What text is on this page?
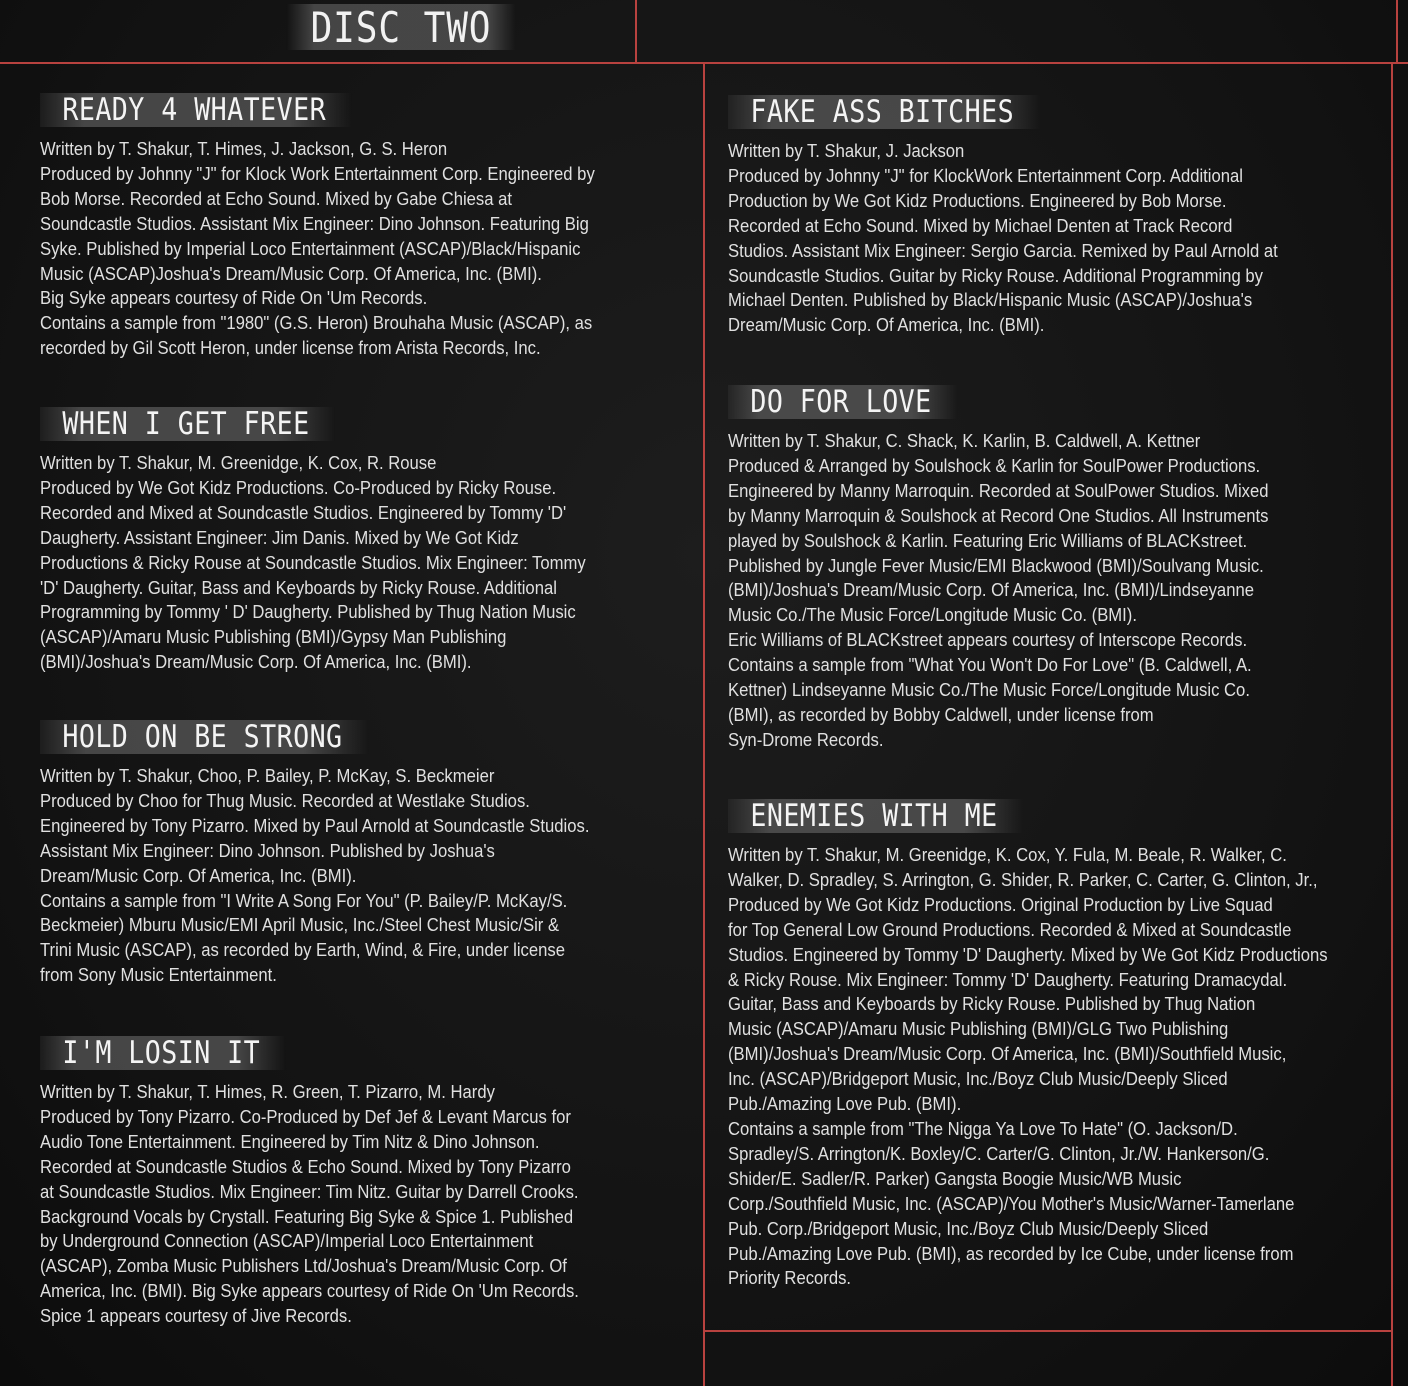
DISC TWO
READY 4 WHATEVER
Written by T. Shakur, T. Himes, J. Jackson, G. S. Heron
Produced by Johnny "J" for Klock Work Entertainment Corp. Engineered by
Bob Morse. Recorded at Echo Sound. Mixed by Gabe Chiesa at
Soundcastle Studios. Assistant Mix Engineer: Dino Johnson. Featuring Big
Syke. Published by Imperial Loco Entertainment (ASCAP)/Black/Hispanic
Music (ASCAP)Joshua's Dream/Music Corp. Of America, Inc. (BMI).
Big Syke appears courtesy of Ride On 'Um Records.
Contains a sample from "1980" (G.S. Heron) Brouhaha Music (ASCAP), as
recorded by Gil Scott Heron, under license from Arista Records, Inc.
WHEN I GET FREE
Written by T. Shakur, M. Greenidge, K. Cox, R. Rouse
Produced by We Got Kidz Productions. Co-Produced by Ricky Rouse.
Recorded and Mixed at Soundcastle Studios. Engineered by Tommy 'D'
Daugherty. Assistant Engineer: Jim Danis. Mixed by We Got Kidz
Productions & Ricky Rouse at Soundcastle Studios. Mix Engineer: Tommy
'D' Daugherty. Guitar, Bass and Keyboards by Ricky Rouse. Additional
Programming by Tommy ' D' Daugherty. Published by Thug Nation Music
(ASCAP)/Amaru Music Publishing (BMI)/Gypsy Man Publishing
(BMI)/Joshua's Dream/Music Corp. Of America, Inc. (BMI).
HOLD ON BE STRONG
Written by T. Shakur, Choo, P. Bailey, P. McKay, S. Beckmeier
Produced by Choo for Thug Music. Recorded at Westlake Studios.
Engineered by Tony Pizarro. Mixed by Paul Arnold at Soundcastle Studios.
Assistant Mix Engineer: Dino Johnson. Published by Joshua's
Dream/Music Corp. Of America, Inc. (BMI).
Contains a sample from "I Write A Song For You" (P. Bailey/P. McKay/S.
Beckmeier) Mburu Music/EMI April Music, Inc./Steel Chest Music/Sir &
Trini Music (ASCAP), as recorded by Earth, Wind, & Fire, under license
from Sony Music Entertainment.
I'M LOSIN IT
Written by T. Shakur, T. Himes, R. Green, T. Pizarro, M. Hardy
Produced by Tony Pizarro. Co-Produced by Def Jef & Levant Marcus for
Audio Tone Entertainment. Engineered by Tim Nitz & Dino Johnson.
Recorded at Soundcastle Studios & Echo Sound. Mixed by Tony Pizarro
at Soundcastle Studios. Mix Engineer: Tim Nitz. Guitar by Darrell Crooks.
Background Vocals by Crystall. Featuring Big Syke & Spice 1. Published
by Underground Connection (ASCAP)/Imperial Loco Entertainment
(ASCAP), Zomba Music Publishers Ltd/Joshua's Dream/Music Corp. Of
America, Inc. (BMI). Big Syke appears courtesy of Ride On 'Um Records.
Spice 1 appears courtesy of Jive Records.
FAKE ASS BITCHES
Written by T. Shakur, J. Jackson
Produced by Johnny "J" for KlockWork Entertainment Corp. Additional
Production by We Got Kidz Productions. Engineered by Bob Morse.
Recorded at Echo Sound. Mixed by Michael Denten at Track Record
Studios. Assistant Mix Engineer: Sergio Garcia. Remixed by Paul Arnold at
Soundcastle Studios. Guitar by Ricky Rouse. Additional Programming by
Michael Denten. Published by Black/Hispanic Music (ASCAP)/Joshua's
Dream/Music Corp. Of America, Inc. (BMI).
DO FOR LOVE
Written by T. Shakur, C. Shack, K. Karlin, B. Caldwell, A. Kettner
Produced & Arranged by Soulshock & Karlin for SoulPower Productions.
Engineered by Manny Marroquin. Recorded at SoulPower Studios. Mixed
by Manny Marroquin & Soulshock at Record One Studios. All Instruments
played by Soulshock & Karlin. Featuring Eric Williams of BLACKstreet.
Published by Jungle Fever Music/EMI Blackwood (BMI)/Soulvang Music.
(BMI)/Joshua's Dream/Music Corp. Of America, Inc. (BMI)/Lindseyanne
Music Co./The Music Force/Longitude Music Co. (BMI).
Eric Williams of BLACKstreet appears courtesy of Interscope Records.
Contains a sample from "What You Won't Do For Love" (B. Caldwell, A.
Kettner) Lindseyanne Music Co./The Music Force/Longitude Music Co.
(BMI), as recorded by Bobby Caldwell, under license from
Syn-Drome Records.
ENEMIES WITH ME
Written by T. Shakur, M. Greenidge, K. Cox, Y. Fula, M. Beale, R. Walker, C.
Walker, D. Spradley, S. Arrington, G. Shider, R. Parker, C. Carter, G. Clinton, Jr.,
Produced by We Got Kidz Productions. Original Production by Live Squad
for Top General Low Ground Productions. Recorded & Mixed at Soundcastle
Studios. Engineered by Tommy 'D' Daugherty. Mixed by We Got Kidz Productions
& Ricky Rouse. Mix Engineer: Tommy 'D' Daugherty. Featuring Dramacydal.
Guitar, Bass and Keyboards by Ricky Rouse. Published by Thug Nation
Music (ASCAP)/Amaru Music Publishing (BMI)/GLG Two Publishing
(BMI)/Joshua's Dream/Music Corp. Of America, Inc. (BMI)/Southfield Music,
Inc. (ASCAP)/Bridgeport Music, Inc./Boyz Club Music/Deeply Sliced
Pub./Amazing Love Pub. (BMI).
Contains a sample from "The Nigga Ya Love To Hate" (O. Jackson/D.
Spradley/S. Arrington/K. Boxley/C. Carter/G. Clinton, Jr./W. Hankerson/G.
Shider/E. Sadler/R. Parker) Gangsta Boogie Music/WB Music
Corp./Southfield Music, Inc. (ASCAP)/You Mother's Music/Warner-Tamerlane
Pub. Corp./Bridgeport Music, Inc./Boyz Club Music/Deeply Sliced
Pub./Amazing Love Pub. (BMI), as recorded by Ice Cube, under license from
Priority Records.
